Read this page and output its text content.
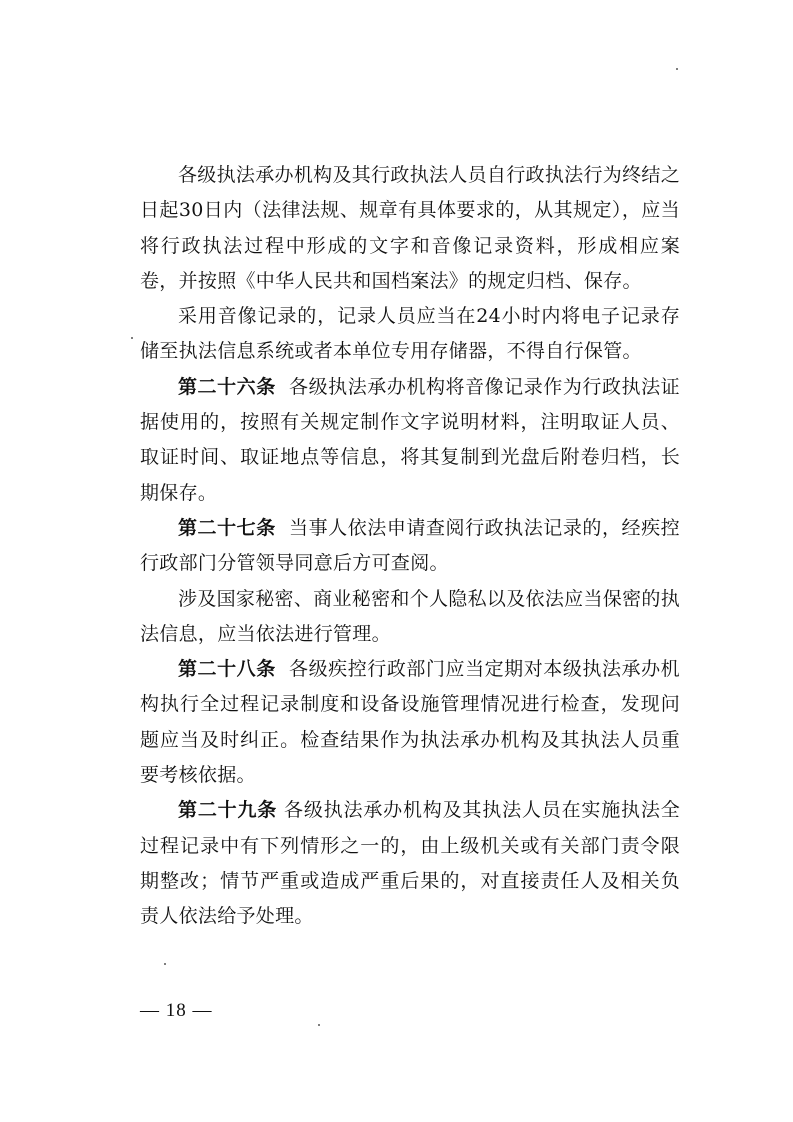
各级执法承办机构及其行政执法人员自行政执法行为终结之日起30日内（法律法规、规章有具体要求的，从其规定），应当将行政执法过程中形成的文字和音像记录资料，形成相应案卷，并按照《中华人民共和国档案法》的规定归档、保存。

采用音像记录的，记录人员应当在24小时内将电子记录存储至执法信息系统或者本单位专用存储器，不得自行保管。

第二十六条 各级执法承办机构将音像记录作为行政执法证据使用的，按照有关规定制作文字说明材料，注明取证人员、取证时间、取证地点等信息，将其复制到光盘后附卷归档，长期保存。

第二十七条 当事人依法申请查阅行政执法记录的，经疾控行政部门分管领导同意后方可查阅。

涉及国家秘密、商业秘密和个人隐私以及依法应当保密的执法信息，应当依法进行管理。

第二十八条 各级疾控行政部门应当定期对本级执法承办机构执行全过程记录制度和设备设施管理情况进行检查，发现问题应当及时纠正。检查结果作为执法承办机构及其执法人员重要考核依据。

第二十九条 各级执法承办机构及其执法人员在实施执法全过程记录中有下列情形之一的，由上级机关或有关部门责令限期整改；情节严重或造成严重后果的，对直接责任人及相关负责人依法给予处理。

— 18 —
